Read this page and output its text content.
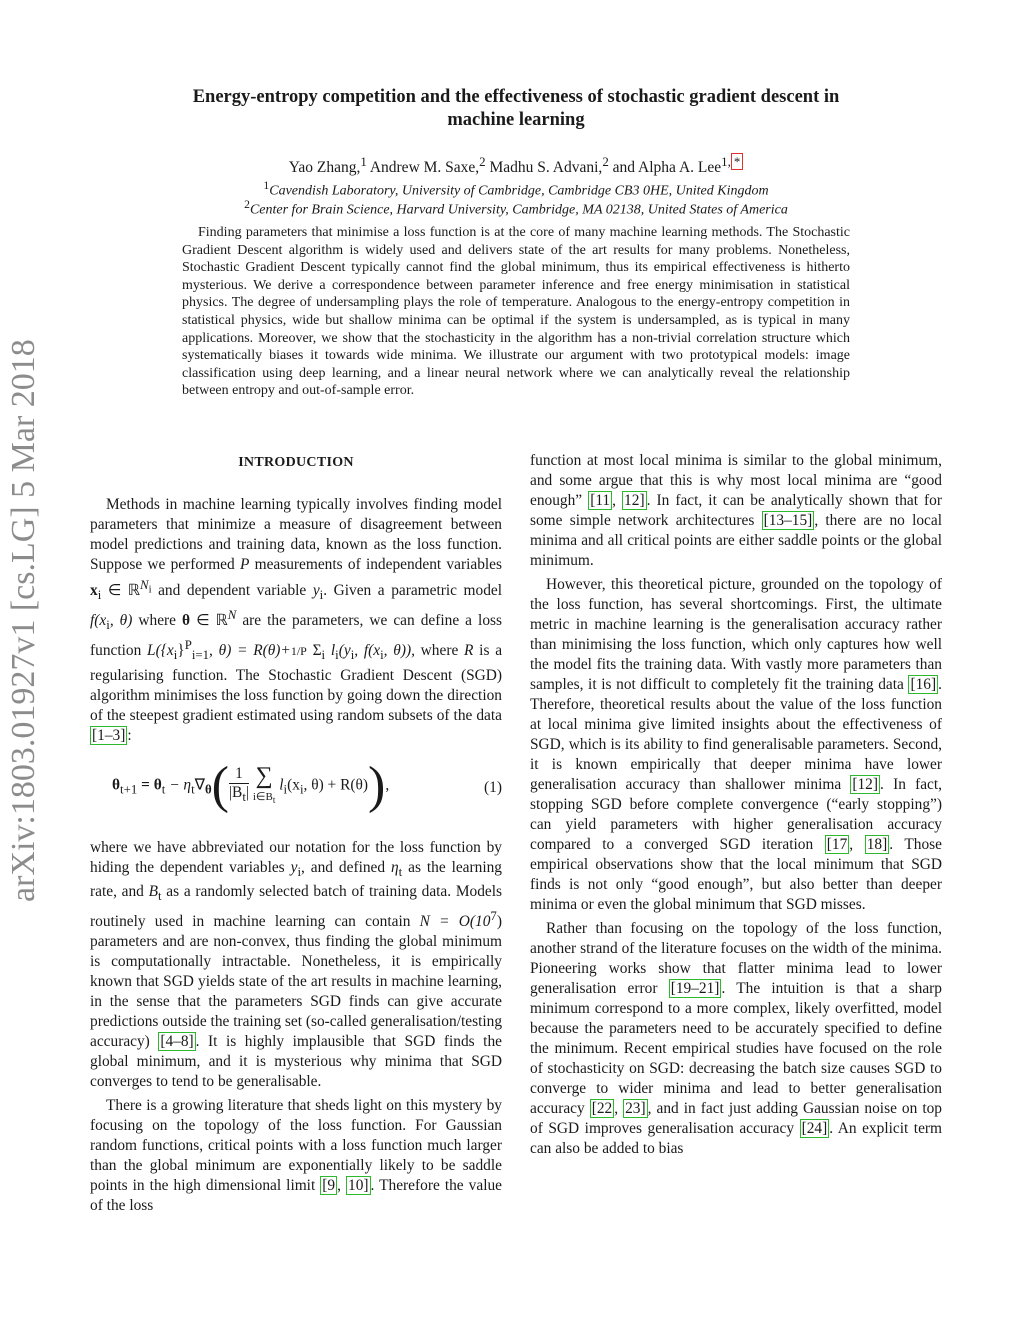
arXiv:1803.01927v1 [cs.LG] 5 Mar 2018
Energy-entropy competition and the effectiveness of stochastic gradient descent in
machine learning
Yao Zhang,$^1$ Andrew M. Saxe,$^2$ Madhu S. Advani,$^2$ and Alpha A. Lee$^{1, *}$
$^1$Cavendish Laboratory, University of Cambridge, Cambridge CB3 0HE, United Kingdom
$^2$Center for Brain Science, Harvard University, Cambridge, MA 02138, United States of America
Finding parameters that minimise a loss function is at the core of many machine learning methods. The Stochastic Gradient Descent algorithm is widely used and delivers state of the art results for many problems. Nonetheless, Stochastic Gradient Descent typically cannot find the global minimum, thus its empirical effectiveness is hitherto mysterious. We derive a correspondence between parameter inference and free energy minimisation in statistical physics. The degree of undersampling plays the role of temperature. Analogous to the energy-entropy competition in statistical physics, wide but shallow minima can be optimal if the system is undersampled, as is typical in many applications. Moreover, we show that the stochasticity in the algorithm has a non-trivial correlation structure which systematically biases it towards wide minima. We illustrate our argument with two prototypical models: image classification using deep learning, and a linear neural network where we can analytically reveal the relationship between entropy and out-of-sample error.
INTRODUCTION

Methods in machine learning typically involves finding model parameters that minimize a measure of disagreement between model predictions and training data, known as the loss function. Suppose we performed P measurements of independent variables $x_i$ ∈ ℝ$^{N_i}$ and dependent variable $y_i$. Given a parametric model $f(x_i$, θ) where θ ∈ ℝ$^N$ are the parameters, we can define a loss function $L(\{x_i\}^P_{i=1}$, θ) = R(θ)+1/P $\Sigma_i$ $l_i(y_i$, $f(x_i$, θ)), where R is a regularising function. The Stochastic Gradient Descent (SGD) algorithm minimises the loss function by going down the direction of the steepest gradient estimated using random subsets of the data [1–3] :

$\theta_{t+1} = \theta_t - \eta_t\nabla_\theta( \frac{1}{|B_t|}$
∑
$i\in B_t$
$l_i(x_i$, θ) + R(θ)),	(1)

where we have abbreviated our notation for the loss function by hiding the dependent variables $y_i$, and defined $\eta_t$ as the learning rate, and $B_t$ as a randomly selected batch of training data. Models routinely used in machine learning can contain $N = O(10^7)$ parameters and are non-convex, thus finding the global minimum is computationally intractable. Nonetheless, it is empirically known that SGD yields state of the art results in machine learning, in the sense that the parameters SGD finds can give accurate predictions outside the training set (so-called generalisation/testing accuracy) [4–8] . It is highly implausible that SGD finds the global minimum, and it is mysterious why minima that SGD converges to tend to be generalisable.

There is a growing literature that sheds light on this mystery by focusing on the topology of the loss function. For Gaussian random functions, critical points with a loss function much larger than the global minimum are exponentially likely to be saddle points in the high dimensional limit [9 , 10] . Therefore the value of the loss

function at most local minima is similar to the global minimum, and some argue that this is why most local minima are “good enough” [11 , 12] . In fact, it can be analytically shown that for some simple network architectures [13–15] , there are no local minima and all critical points are either saddle points or the global minimum.

However, this theoretical picture, grounded on the topology of the loss function, has several shortcomings. First, the ultimate metric in machine learning is the generalisation accuracy rather than minimising the loss function, which only captures how well the model fits the training data. With vastly more parameters than samples, it is not difficult to completely fit the training data [16] . Therefore, theoretical results about the value of the loss function at local minima give limited insights about the effectiveness of SGD, which is its ability to find generalisable parameters. Second, it is known empirically that deeper minima have lower generalisation accuracy than shallower minima [12] . In fact, stopping SGD before complete convergence (“early stopping”) can yield parameters with higher generalisation accuracy compared to a converged SGD iteration [17 , 18] . Those empirical observations show that the local minimum that SGD finds is not only “good enough”, but also better than deeper minima or even the global minimum that SGD misses.

Rather than focusing on the topology of the loss function, another strand of the literature focuses on the width of the minima. Pioneering works show that flatter minima lead to lower generalisation error [19–21] . The intuition is that a sharp minimum correspond to a more complex, likely overfitted, model because the parameters need to be accurately specified to define the minimum. Recent empirical studies have focused on the role of stochasticity on SGD: decreasing the batch size causes SGD to converge to wider minima and lead to better generalisation accuracy [22 , 23] , and in fact just adding Gaussian noise on top of SGD improves generalisation accuracy [24] . An explicit term can also be added to bias
